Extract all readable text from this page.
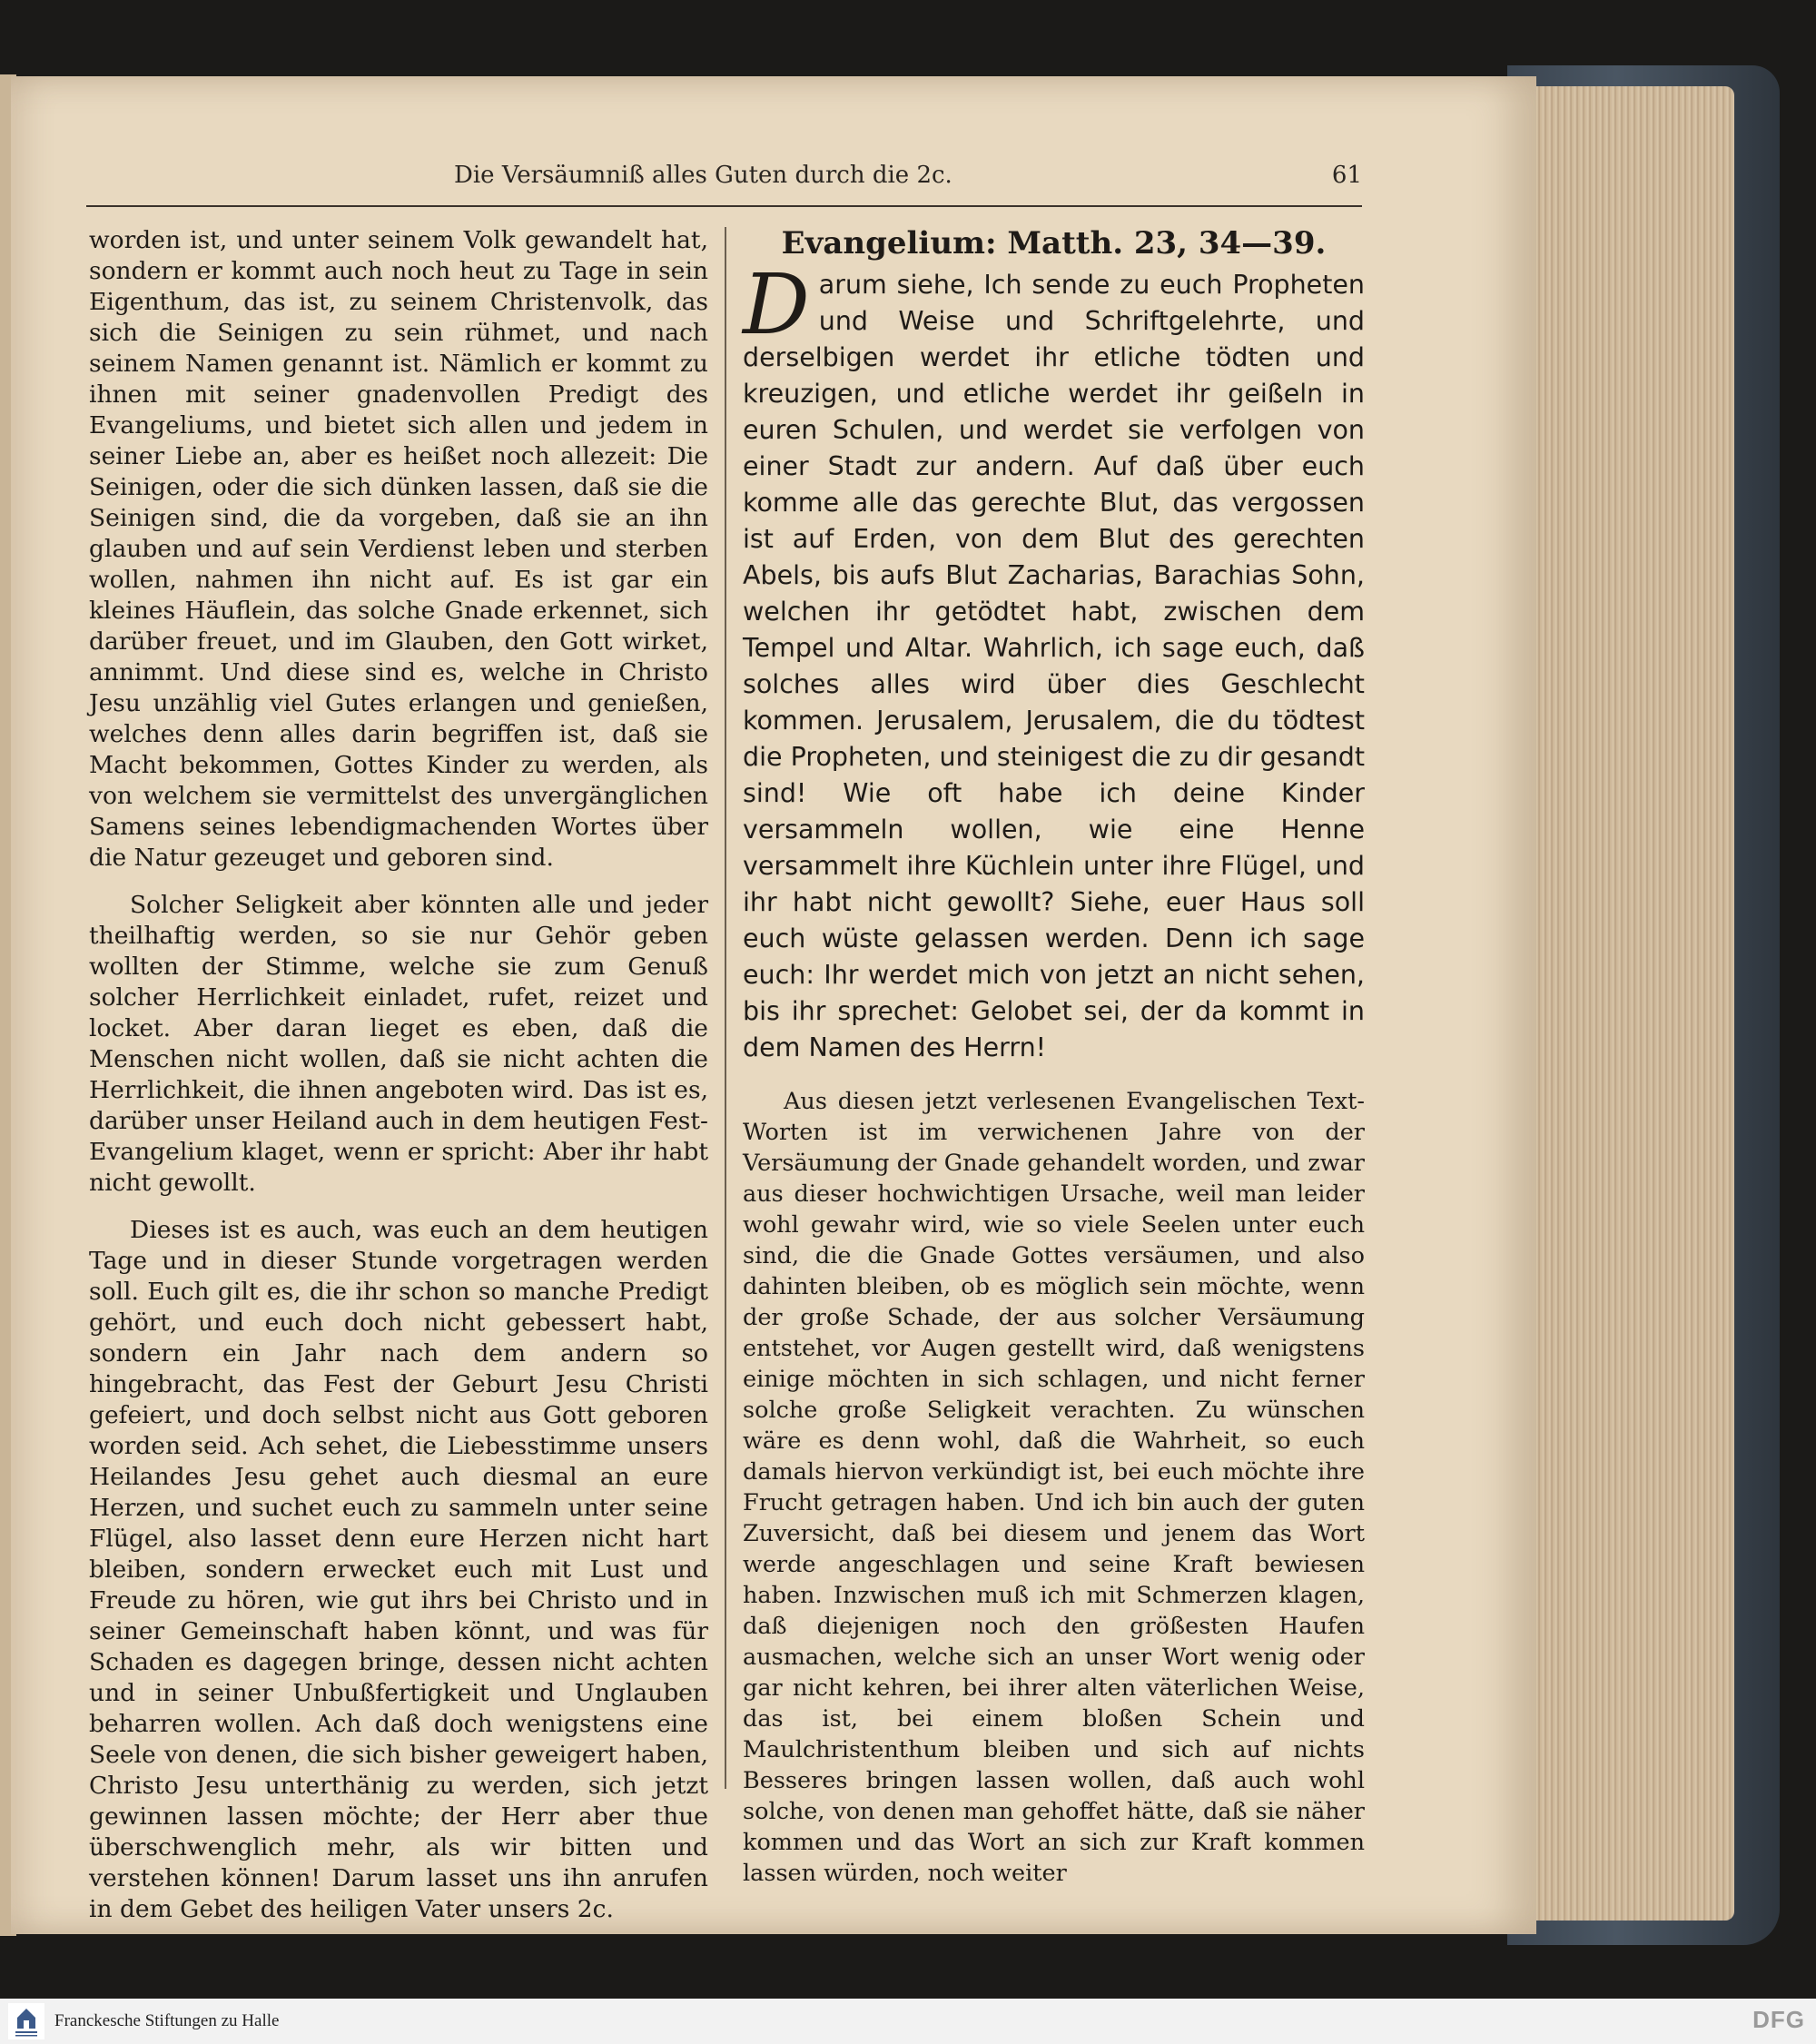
Die Versäumniß alles Guten durch die 2c.	61

worden ist, und unter seinem Volk gewandelt hat, sondern er kommt auch noch heut zu Tage in sein Eigenthum, das ist, zu seinem Christenvolk, das sich die Seinigen zu sein rühmet, und nach seinem Namen genannt ist. Nämlich er kommt zu ihnen mit seiner gnadenvollen Predigt des Evangeliums, und bietet sich allen und jedem in seiner Liebe an, aber es heißet noch allezeit: Die Seinigen, oder die sich dünken lassen, daß sie die Seinigen sind, die da vorgeben, daß sie an ihn glauben und auf sein Verdienst leben und sterben wollen, nahmen ihn nicht auf. Es ist gar ein kleines Häuflein, das solche Gnade erkennet, sich darüber freuet, und im Glauben, den Gott wirket, annimmt. Und diese sind es, welche in Christo Jesu unzählig viel Gutes erlangen und genießen, welches denn alles darin begriffen ist, daß sie Macht bekommen, Gottes Kinder zu werden, als von welchem sie vermittelst des unvergänglichen Samens seines lebendigmachenden Wortes über die Natur gezeuget und geboren sind.

Solcher Seligkeit aber könnten alle und jeder theilhaftig werden, so sie nur Gehör geben wollten der Stimme, welche sie zum Genuß solcher Herrlichkeit einladet, rufet, reizet und locket. Aber daran lieget es eben, daß die Menschen nicht wollen, daß sie nicht achten die Herrlichkeit, die ihnen angeboten wird. Das ist es, darüber unser Heiland auch in dem heutigen Fest-Evangelium klaget, wenn er spricht: Aber ihr habt nicht gewollt.

Dieses ist es auch, was euch an dem heutigen Tage und in dieser Stunde vorgetragen werden soll. Euch gilt es, die ihr schon so manche Predigt gehört, und euch doch nicht gebessert habt, sondern ein Jahr nach dem andern so hingebracht, das Fest der Geburt Jesu Christi gefeiert, und doch selbst nicht aus Gott geboren worden seid. Ach sehet, die Liebesstimme unsers Heilandes Jesu gehet auch diesmal an eure Herzen, und suchet euch zu sammeln unter seine Flügel, also lasset denn eure Herzen nicht hart bleiben, sondern erwecket euch mit Lust und Freude zu hören, wie gut ihrs bei Christo und in seiner Gemeinschaft haben könnt, und was für Schaden es dagegen bringe, dessen nicht achten und in seiner Unbußfertigkeit und Unglauben beharren wollen. Ach daß doch wenigstens eine Seele von denen, die sich bisher geweigert haben, Christo Jesu unterthänig zu werden, sich jetzt gewinnen lassen möchte; der Herr aber thue überschwenglich mehr, als wir bitten und verstehen können! Darum lasset uns ihn anrufen in dem Gebet des heiligen Vater unsers 2c.

Evangelium: Matth. 23, 34—39.
D arum siehe, Ich sende zu euch Propheten und Weise und Schriftgelehrte, und derselbigen werdet ihr etliche tödten und kreuzigen, und etliche werdet ihr geißeln in euren Schulen, und werdet sie verfolgen von einer Stadt zur andern. Auf daß über euch komme alle das gerechte Blut, das vergossen ist auf Erden, von dem Blut des gerechten Abels, bis aufs Blut Zacharias, Barachias Sohn, welchen ihr getödtet habt, zwischen dem Tempel und Altar. Wahrlich, ich sage euch, daß solches alles wird über dies Geschlecht kommen. Jerusalem, Jerusalem, die du tödtest die Propheten, und steinigest die zu dir gesandt sind! Wie oft habe ich deine Kinder versammeln wollen, wie eine Henne versammelt ihre Küchlein unter ihre Flügel, und ihr habt nicht gewollt? Siehe, euer Haus soll euch wüste gelassen werden. Denn ich sage euch: Ihr werdet mich von jetzt an nicht sehen, bis ihr sprechet: Gelobet sei, der da kommt in dem Namen des Herrn!

Aus diesen jetzt verlesenen Evangelischen Text-Worten ist im verwichenen Jahre von der Versäumung der Gnade gehandelt worden, und zwar aus dieser hochwichtigen Ursache, weil man leider wohl gewahr wird, wie so viele Seelen unter euch sind, die die Gnade Gottes versäumen, und also dahinten bleiben, ob es möglich sein möchte, wenn der große Schade, der aus solcher Versäumung entstehet, vor Augen gestellt wird, daß wenigstens einige möchten in sich schlagen, und nicht ferner solche große Seligkeit verachten. Zu wünschen wäre es denn wohl, daß die Wahrheit, so euch damals hiervon verkündigt ist, bei euch möchte ihre Frucht getragen haben. Und ich bin auch der guten Zuversicht, daß bei diesem und jenem das Wort werde angeschlagen und seine Kraft bewiesen haben. Inzwischen muß ich mit Schmerzen klagen, daß diejenigen noch den größesten Haufen ausmachen, welche sich an unser Wort wenig oder gar nicht kehren, bei ihrer alten väterlichen Weise, das ist, bei einem bloßen Schein und Maulchristenthum bleiben und sich auf nichts Besseres bringen lassen wollen, daß auch wohl solche, von denen man gehoffet hätte, daß sie näher kommen und das Wort an sich zur Kraft kommen lassen würden, noch weiter

Franckesche Stiftungen zu Halle	DFG
